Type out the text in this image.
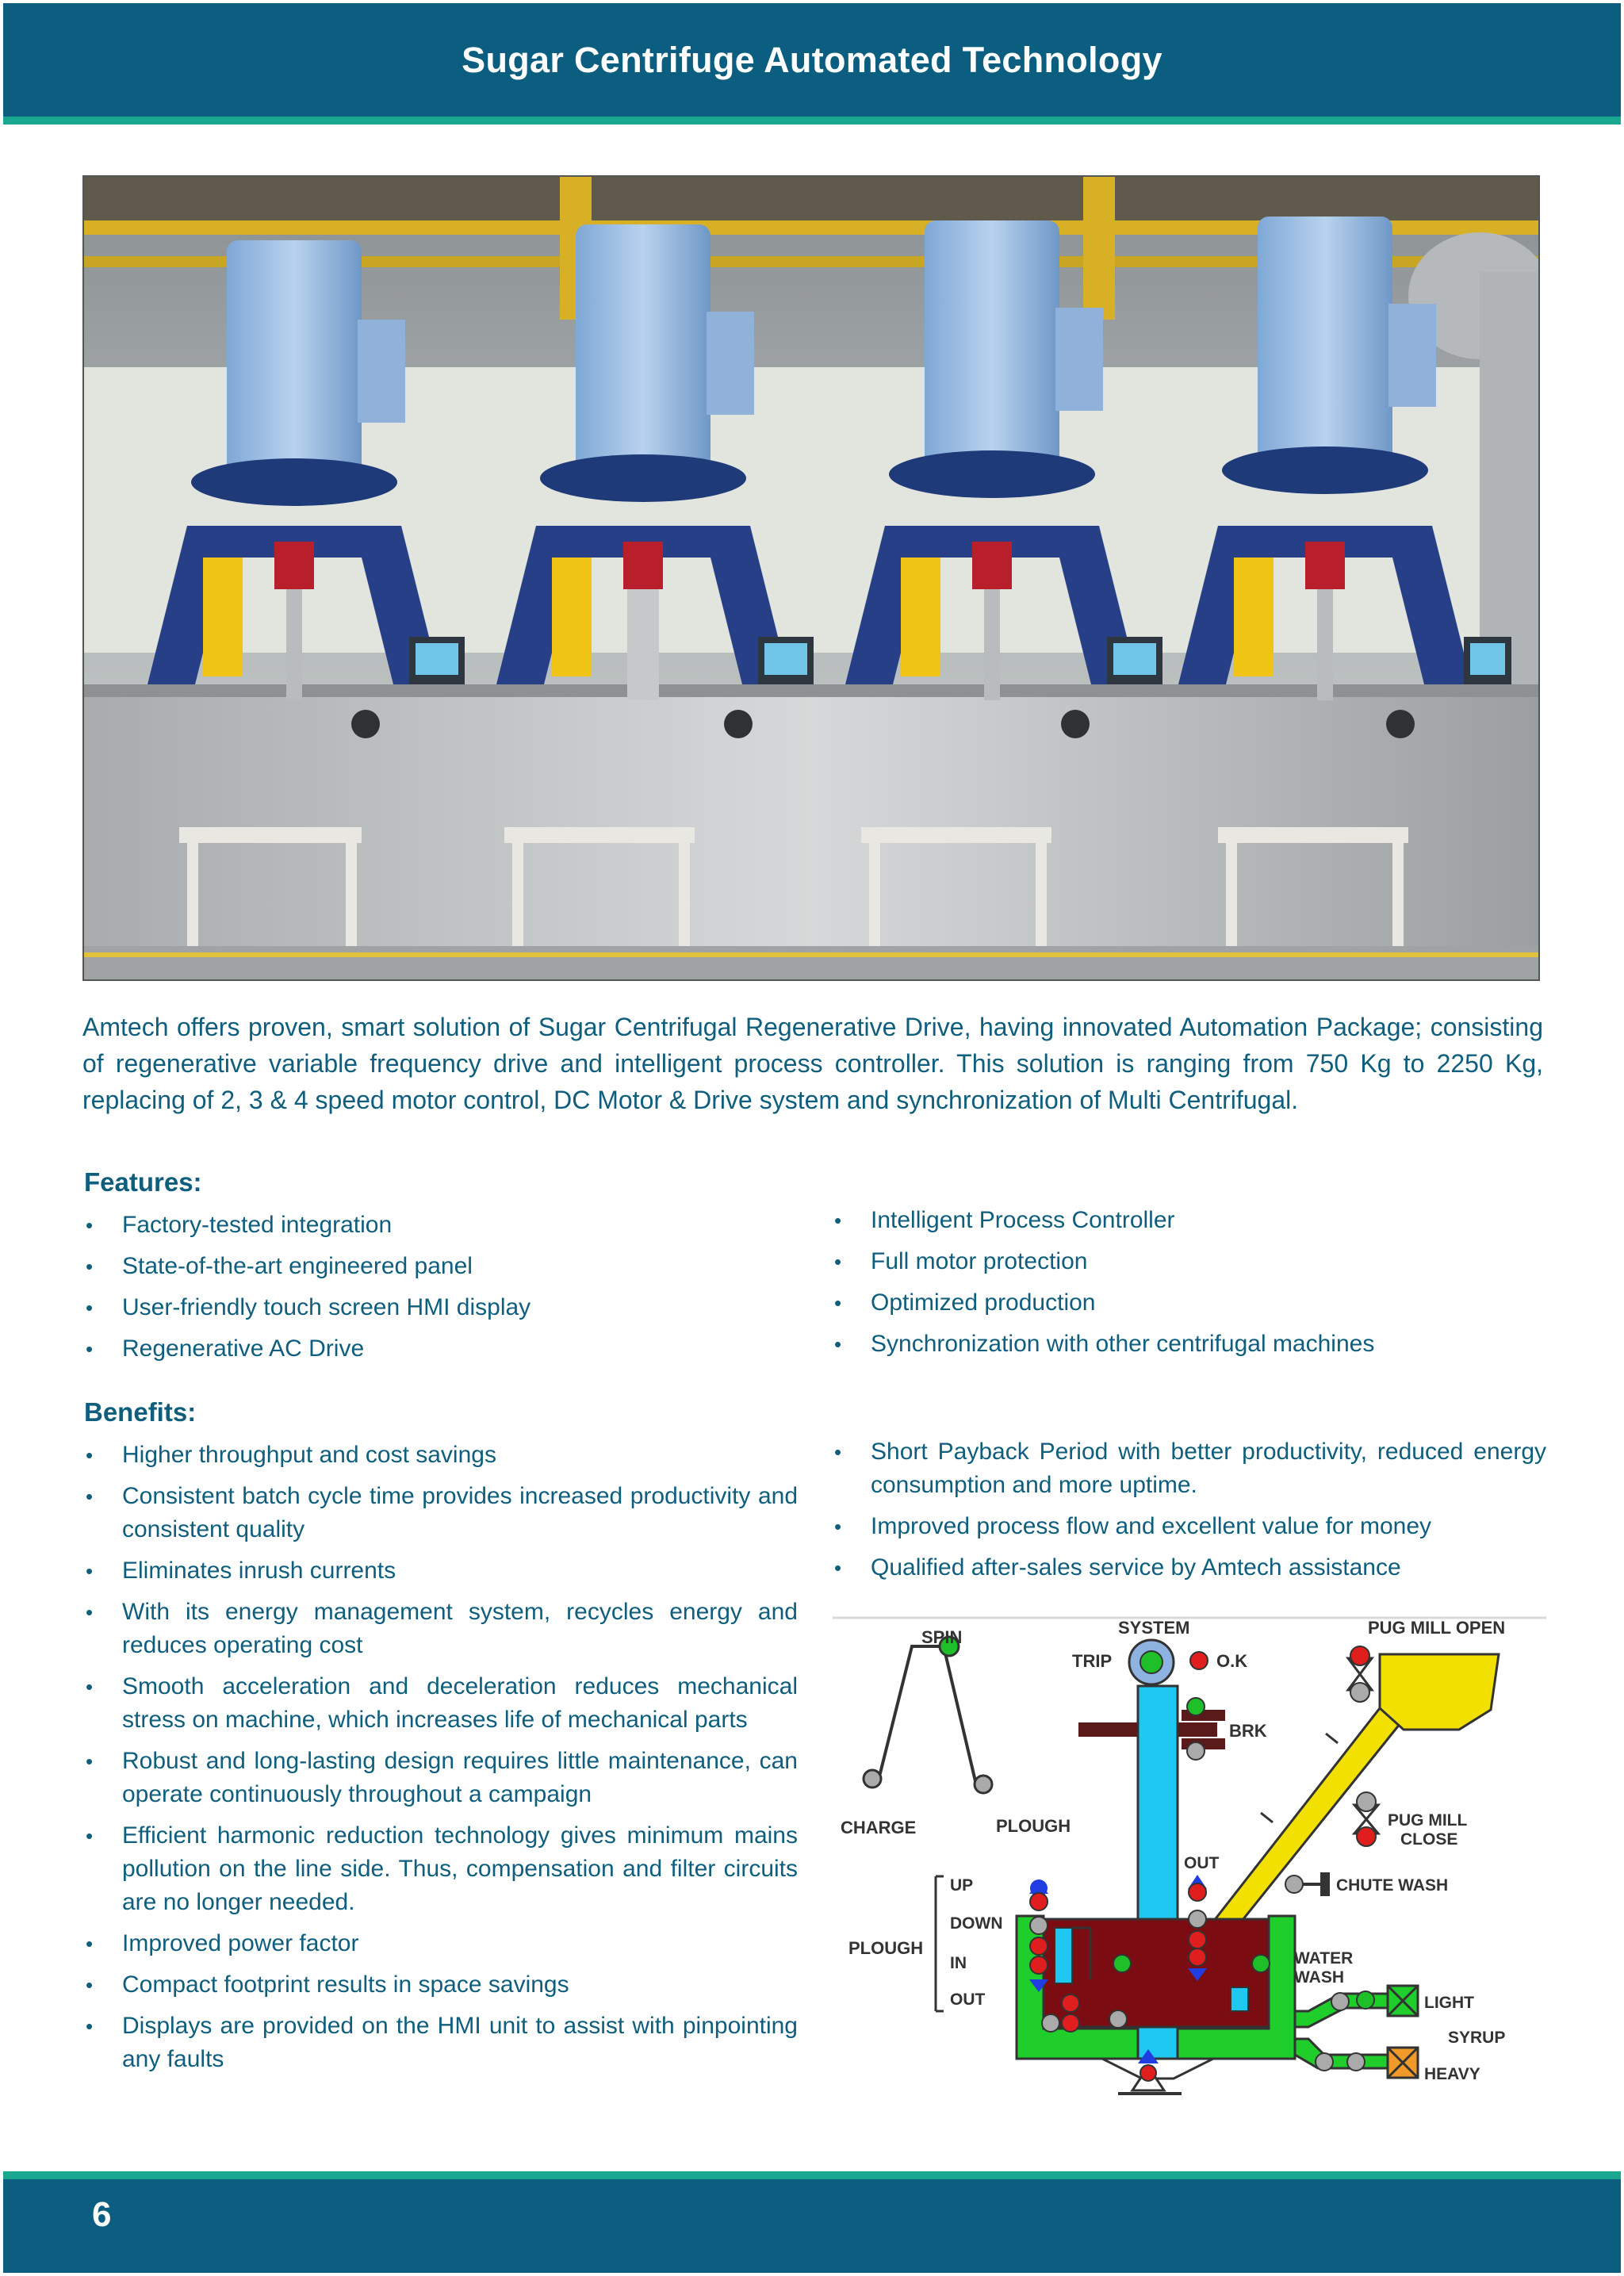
Sugar Centrifuge Automated Technology
Amtech offers proven, smart solution of Sugar Centrifugal Regenerative Drive, having innovated Automation Package; consisting of regenerative variable frequency drive and intelligent process controller. This solution is ranging from 750 Kg to 2250 Kg, replacing of 2, 3 & 4 speed motor control, DC Motor & Drive system and synchronization of Multi Centrifugal.
Features:
• Factory-tested integration
• State-of-the-art engineered panel
• User-friendly touch screen HMI display
• Regenerative AC Drive
• Intelligent Process Controller
• Full motor protection
• Optimized production
• Synchronization with other centrifugal machines
Benefits:
• Higher throughput and cost savings
• Consistent batch cycle time provides increased productivity and consistent quality
• Eliminates inrush currents
• With its energy management system, recycles energy and reduces operating cost
• Smooth acceleration and deceleration reduces mechanical stress on machine, which increases life of mechanical parts
• Robust and long-lasting design requires little maintenance, can operate continuously throughout a campaign
• Efficient harmonic reduction technology gives minimum mains pollution on the line side. Thus, compensation and filter circuits are no longer needed.
• Improved power factor
• Compact footprint results in space savings
• Displays are provided on the HMI unit to assist with pinpointing any faults
• Short Payback Period with better productivity, reduced energy consumption and more uptime.
• Improved process flow and excellent value for money
• Qualified after-sales service by Amtech assistance
SPIN
CHARGE	PLOUGH
SYSTEM
TRIP	O.K
BRK
PUG MILL OPEN
PUG MILL
CLOSE
CHUTE WASH
OUT
UP
DOWN
IN
OUT
PLOUGH
WATER
WASH
LIGHT
SYRUP
HEAVY
6
